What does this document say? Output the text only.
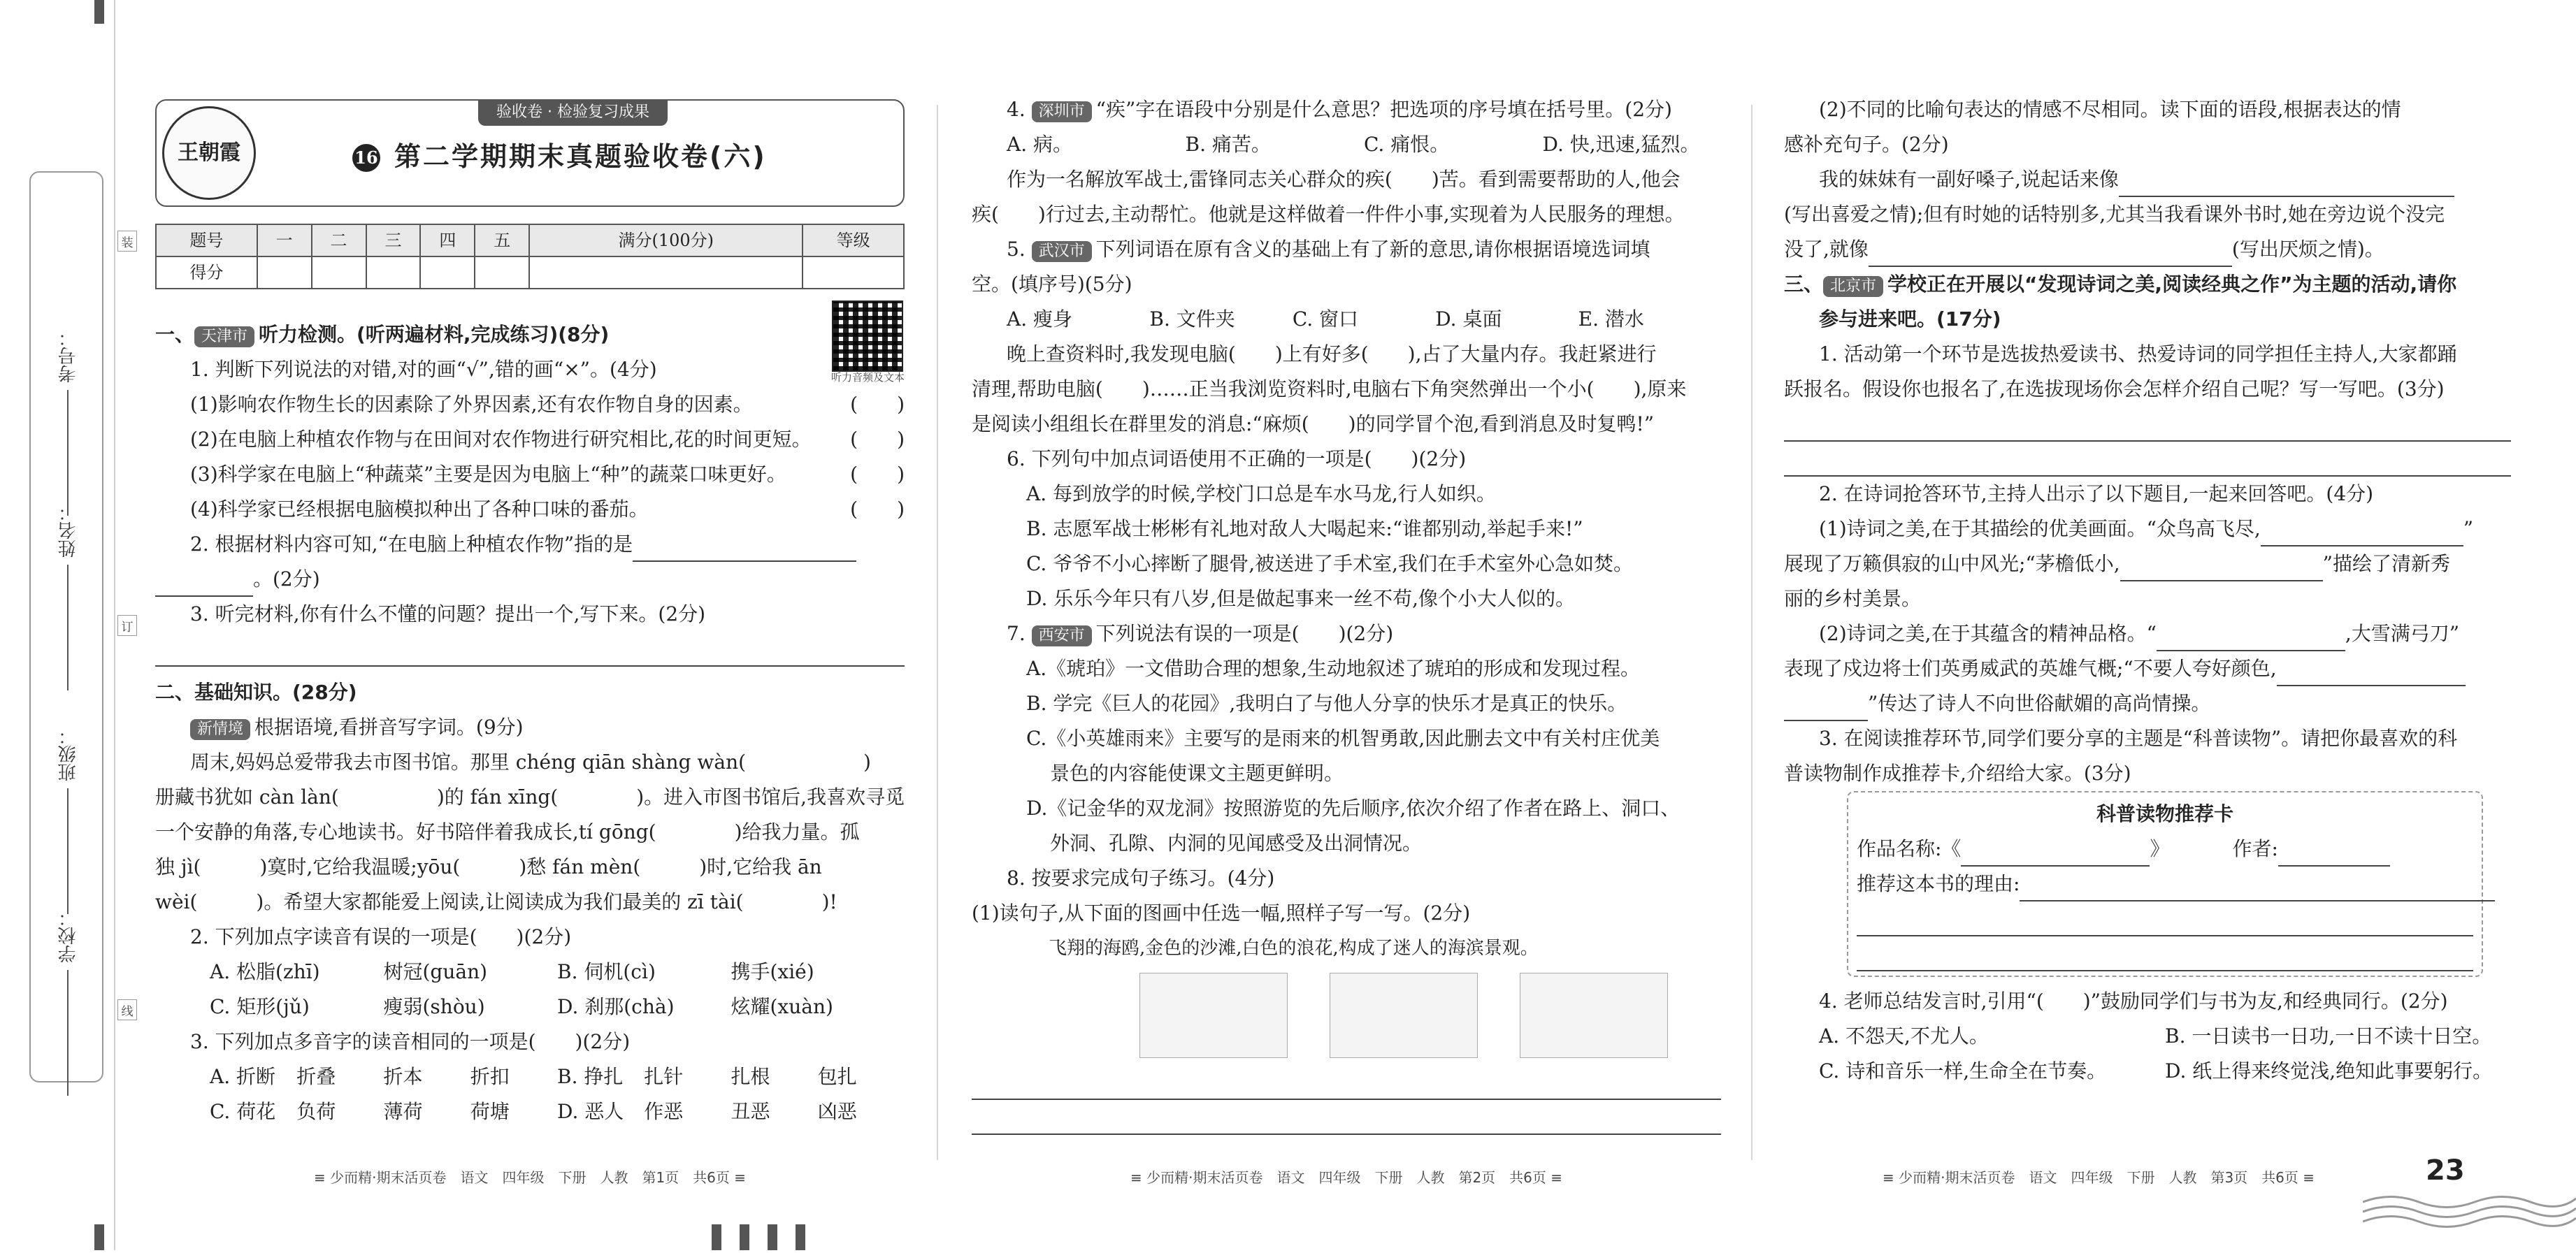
考号：
姓名：
班级：
学校：
装
订
线
验收卷 · 检验复习成果
王朝霞	16 第二学期期末真题验收卷(六)
题号	一	二	三	四	五	满分(100分)	等级
得分							
听力音频及文本
一、 天津市 听力检测。(听两遍材料,完成练习)(8分)
1. 判断下列说法的对错,对的画“√”,错的画“×”。(4分)
(1)影响农作物生长的因素除了外界因素,还有农作物自身的因素。	(　　)
(2)在电脑上种植农作物与在田间对农作物进行研究相比,花的时间更短。 (　　)
(3)科学家在电脑上“种蔬菜”主要是因为电脑上“种”的蔬菜口味更好。	(　　)
(4)科学家已经根据电脑模拟种出了各种口味的番茄。	(　　)
2. 根据材料内容可知,“在电脑上种植农作物”指的是
。(2分)
3. 听完材料,你有什么不懂的问题？提出一个,写下来。(2分)
二、基础知识。(28分)
新情境 根据语境,看拼音写字词。(9分)
周末,妈妈总爱带我去市图书馆。那里 chéng qiān shàng wàn(　　　　　　)
册藏书犹如 càn làn(　　　　　)的 fán xīng(　　　　)。进入市图书馆后,我喜欢寻觅
一个安静的角落,专心地读书。好书陪伴着我成长,tí gōng(　　　　)给我力量。孤
独 jì(　　　)寞时,它给我温暖;yōu(　　　)愁 fán mèn(　　　)时,它给我 ān
wèi(　　　)。希望大家都能爱上阅读,让阅读成为我们最美的 zī tài(　　　　)!
2. 下列加点字读音有误的一项是(　　)(2分)
A. 松脂(zhī)	树冠(guān)	B. 伺机(cì)	携手(xié)
C. 矩形(jǔ)	瘦弱(shòu)	D. 刹那(chà)	炫耀(xuàn)
3. 下列加点多音字的读音相同的一项是(　　)(2分)
A. 折断	折叠	折本	折扣	B. 挣扎	扎针	扎根	包扎
C. 荷花	负荷	薄荷	荷塘	D. 恶人	作恶	丑恶	凶恶
4. 深圳市 “疾”字在语段中分别是什么意思？把选项的序号填在括号里。(2分)
A. 病。	B. 痛苦。	C. 痛恨。	D. 快,迅速,猛烈。
作为一名解放军战士,雷锋同志关心群众的疾(　　)苦。看到需要帮助的人,他会
疾(　　)行过去,主动帮忙。他就是这样做着一件件小事,实现着为人民服务的理想。
5. 武汉市 下列词语在原有含义的基础上有了新的意思,请你根据语境选词填
空。(填序号)(5分)
A. 瘦身	B. 文件夹	C. 窗口	D. 桌面	E. 潜水
晚上查资料时,我发现电脑(　　)上有好多(　　),占了大量内存。我赶紧进行
清理,帮助电脑(　　)……正当我浏览资料时,电脑右下角突然弹出一个小(　　),原来
是阅读小组组长在群里发的消息:“麻烦(　　)的同学冒个泡,看到消息及时复鸭!”
6. 下列句中加点词语使用不正确的一项是(　　)(2分)
A. 每到放学的时候,学校门口总是车水马龙,行人如织。
B. 志愿军战士彬彬有礼地对敌人大喝起来:“谁都别动,举起手来!”
C. 爷爷不小心摔断了腿骨,被送进了手术室,我们在手术室外心急如焚。
D. 乐乐今年只有八岁,但是做起事来一丝不苟,像个小大人似的。
7. 西安市 下列说法有误的一项是(　　)(2分)
A.《琥珀》一文借助合理的想象,生动地叙述了琥珀的形成和发现过程。
B. 学完《巨人的花园》,我明白了与他人分享的快乐才是真正的快乐。
C.《小英雄雨来》主要写的是雨来的机智勇敢,因此删去文中有关村庄优美
景色的内容能使课文主题更鲜明。
D.《记金华的双龙洞》按照游览的先后顺序,依次介绍了作者在路上、洞口、
外洞、孔隙、内洞的见闻感受及出洞情况。
8. 按要求完成句子练习。(4分)
(1)读句子,从下面的图画中任选一幅,照样子写一写。(2分)
飞翔的海鸥,金色的沙滩,白色的浪花,构成了迷人的海滨景观。
(2)不同的比喻句表达的情感不尽相同。读下面的语段,根据表达的情
感补充句子。(2分)
我的妹妹有一副好嗓子,说起话来像
(写出喜爱之情);但有时她的话特别多,尤其当我看课外书时,她在旁边说个没完
没了,就像	(写出厌烦之情)。
三、 北京市 学校正在开展以“发现诗词之美,阅读经典之作”为主题的活动,请你
参与进来吧。(17分)
1. 活动第一个环节是选拔热爱读书、热爱诗词的同学担任主持人,大家都踊
跃报名。假设你也报名了,在选拔现场你会怎样介绍自己呢？写一写吧。(3分)
2. 在诗词抢答环节,主持人出示了以下题目,一起来回答吧。(4分)
(1)诗词之美,在于其描绘的优美画面。“众鸟高飞尽,	”
展现了万籁俱寂的山中风光;“茅檐低小,	”描绘了清新秀
丽的乡村美景。
(2)诗词之美,在于其蕴含的精神品格。“	,大雪满弓刀”
表现了戍边将士们英勇威武的英雄气概;“不要人夸好颜色,
”传达了诗人不向世俗献媚的高尚情操。
3. 在阅读推荐环节,同学们要分享的主题是“科普读物”。请把你最喜欢的科
普读物制作成推荐卡,介绍给大家。(3分)
科普读物推荐卡
作品名称:《	》	作者:
推荐这本书的理由:
4. 老师总结发言时,引用“(　　)”鼓励同学们与书为友,和经典同行。(2分)
A. 不怨天,不尤人。	B. 一日读书一日功,一日不读十日空。
C. 诗和音乐一样,生命全在节奏。	D. 纸上得来终觉浅,绝知此事要躬行。
≡ 少而精·期末活页卷　语文　四年级　下册　人教　第1页　共6页 ≡	≡ 少而精·期末活页卷　语文　四年级　下册　人教　第2页　共6页 ≡	≡ 少而精·期末活页卷　语文　四年级　下册　人教　第3页　共6页 ≡	23
